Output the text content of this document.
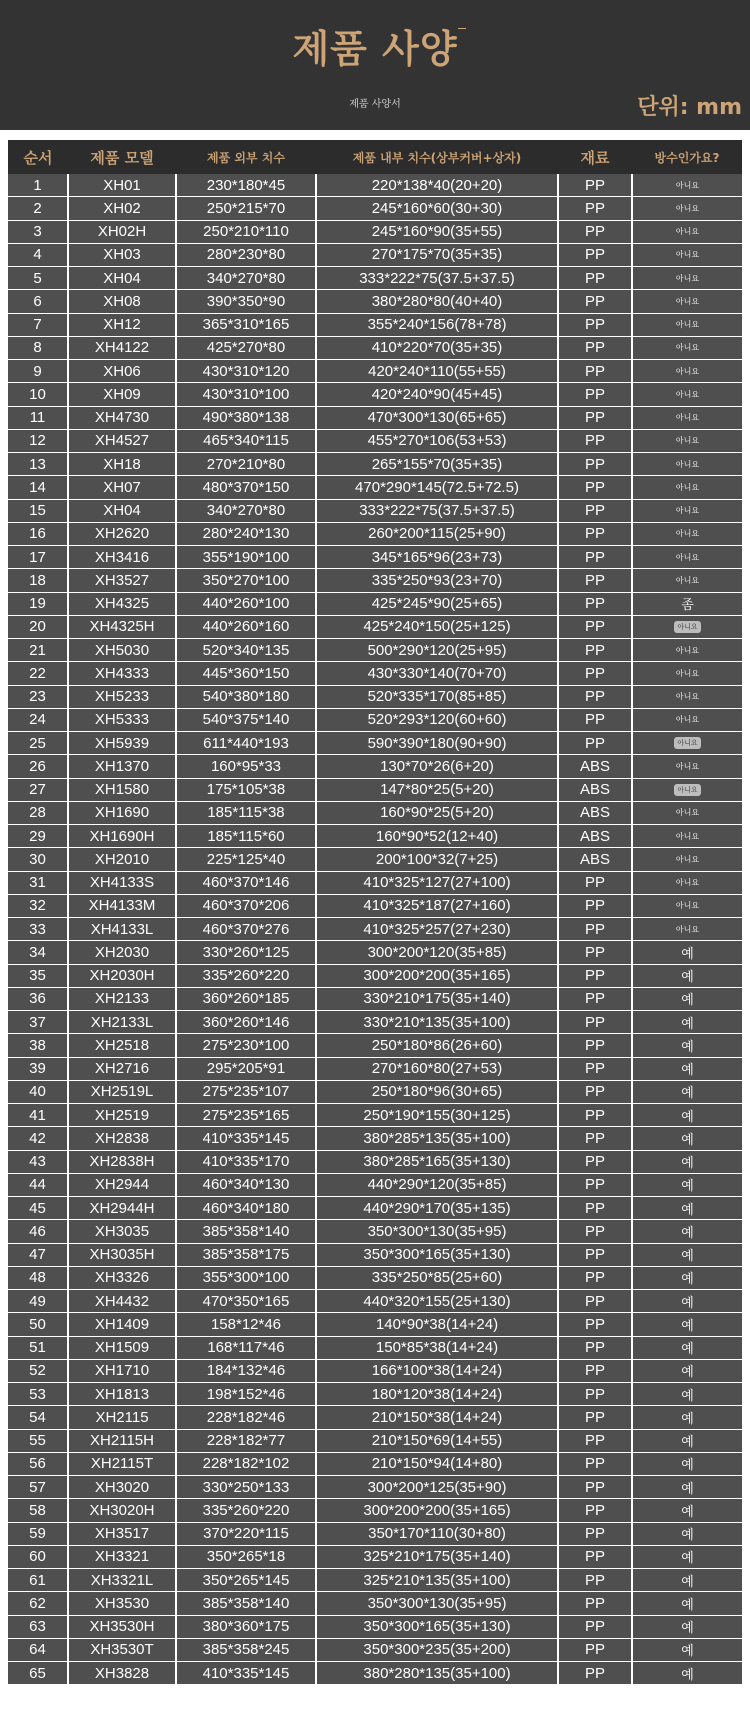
제품 사양
제품 사양서	단위: mm
순서	제품 모델	제품 외부 치수	제품 내부 치수(상부커버+상자)	재료	방수인가요?
1	XH01	230*180*45	220*138*40(20+20)	PP	아니요
2	XH02	250*215*70	245*160*60(30+30)	PP	아니요
3	XH02H	250*210*110	245*160*90(35+55)	PP	아니요
4	XH03	280*230*80	270*175*70(35+35)	PP	아니요
5	XH04	340*270*80	333*222*75(37.5+37.5)	PP	아니요
6	XH08	390*350*90	380*280*80(40+40)	PP	아니요
7	XH12	365*310*165	355*240*156(78+78)	PP	아니요
8	XH4122	425*270*80	410*220*70(35+35)	PP	아니요
9	XH06	430*310*120	420*240*110(55+55)	PP	아니요
10	XH09	430*310*100	420*240*90(45+45)	PP	아니요
11	XH4730	490*380*138	470*300*130(65+65)	PP	아니요
12	XH4527	465*340*115	455*270*106(53+53)	PP	아니요
13	XH18	270*210*80	265*155*70(35+35)	PP	아니요
14	XH07	480*370*150	470*290*145(72.5+72.5)	PP	아니요
15	XH04	340*270*80	333*222*75(37.5+37.5)	PP	아니요
16	XH2620	280*240*130	260*200*115(25+90)	PP	아니요
17	XH3416	355*190*100	345*165*96(23+73)	PP	아니요
18	XH3527	350*270*100	335*250*93(23+70)	PP	아니요
19	XH4325	440*260*100	425*245*90(25+65)	PP	좀
20	XH4325H	440*260*160	425*240*150(25+125)	PP	아니요
21	XH5030	520*340*135	500*290*120(25+95)	PP	아니요
22	XH4333	445*360*150	430*330*140(70+70)	PP	아니요
23	XH5233	540*380*180	520*335*170(85+85)	PP	아니요
24	XH5333	540*375*140	520*293*120(60+60)	PP	아니요
25	XH5939	611*440*193	590*390*180(90+90)	PP	아니요
26	XH1370	160*95*33	130*70*26(6+20)	ABS	아니요
27	XH1580	175*105*38	147*80*25(5+20)	ABS	아니요
28	XH1690	185*115*38	160*90*25(5+20)	ABS	아니요
29	XH1690H	185*115*60	160*90*52(12+40)	ABS	아니요
30	XH2010	225*125*40	200*100*32(7+25)	ABS	아니요
31	XH4133S	460*370*146	410*325*127(27+100)	PP	아니요
32	XH4133M	460*370*206	410*325*187(27+160)	PP	아니요
33	XH4133L	460*370*276	410*325*257(27+230)	PP	아니요
34	XH2030	330*260*125	300*200*120(35+85)	PP	예
35	XH2030H	335*260*220	300*200*200(35+165)	PP	예
36	XH2133	360*260*185	330*210*175(35+140)	PP	예
37	XH2133L	360*260*146	330*210*135(35+100)	PP	예
38	XH2518	275*230*100	250*180*86(26+60)	PP	예
39	XH2716	295*205*91	270*160*80(27+53)	PP	예
40	XH2519L	275*235*107	250*180*96(30+65)	PP	예
41	XH2519	275*235*165	250*190*155(30+125)	PP	예
42	XH2838	410*335*145	380*285*135(35+100)	PP	예
43	XH2838H	410*335*170	380*285*165(35+130)	PP	예
44	XH2944	460*340*130	440*290*120(35+85)	PP	예
45	XH2944H	460*340*180	440*290*170(35+135)	PP	예
46	XH3035	385*358*140	350*300*130(35+95)	PP	예
47	XH3035H	385*358*175	350*300*165(35+130)	PP	예
48	XH3326	355*300*100	335*250*85(25+60)	PP	예
49	XH4432	470*350*165	440*320*155(25+130)	PP	예
50	XH1409	158*12*46	140*90*38(14+24)	PP	예
51	XH1509	168*117*46	150*85*38(14+24)	PP	예
52	XH1710	184*132*46	166*100*38(14+24)	PP	예
53	XH1813	198*152*46	180*120*38(14+24)	PP	예
54	XH2115	228*182*46	210*150*38(14+24)	PP	예
55	XH2115H	228*182*77	210*150*69(14+55)	PP	예
56	XH2115T	228*182*102	210*150*94(14+80)	PP	예
57	XH3020	330*250*133	300*200*125(35+90)	PP	예
58	XH3020H	335*260*220	300*200*200(35+165)	PP	예
59	XH3517	370*220*115	350*170*110(30+80)	PP	예
60	XH3321	350*265*18	325*210*175(35+140)	PP	예
61	XH3321L	350*265*145	325*210*135(35+100)	PP	예
62	XH3530	385*358*140	350*300*130(35+95)	PP	예
63	XH3530H	380*360*175	350*300*165(35+130)	PP	예
64	XH3530T	385*358*245	350*300*235(35+200)	PP	예
65	XH3828	410*335*145	380*280*135(35+100)	PP	예
